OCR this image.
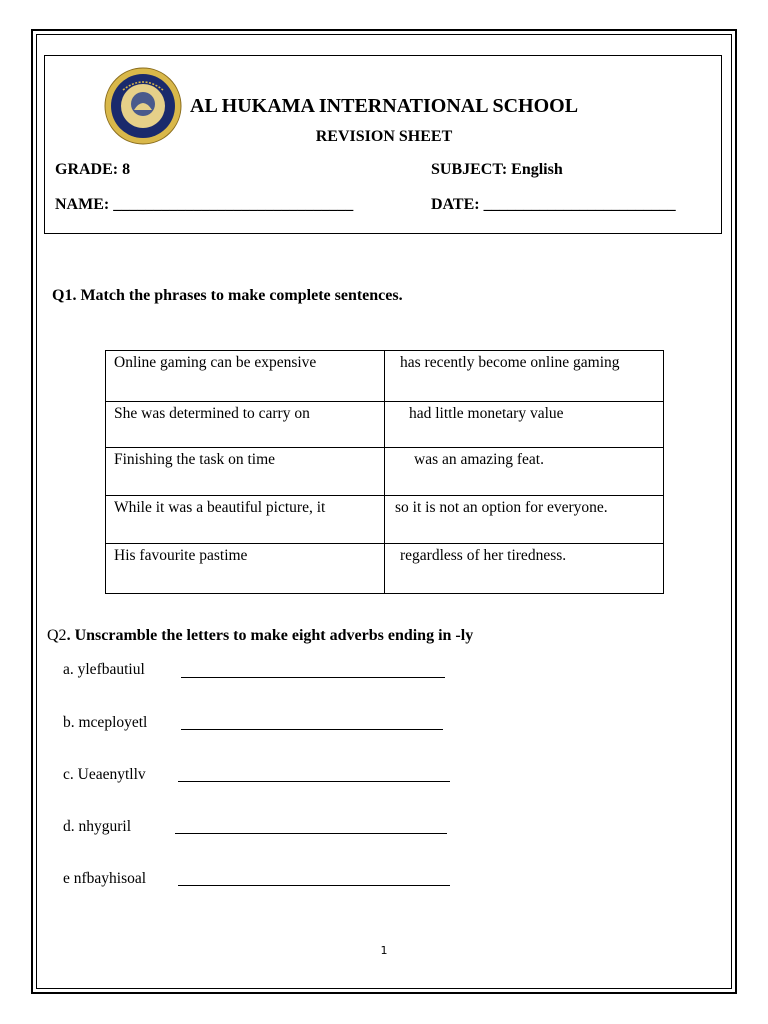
2002
AL HUKAMA INTERNATIONAL SCHOOL
REVISION SHEET
GRADE: 8	SUBJECT: English
NAME: ______________________________	DATE: ________________________
Q1. Match the phrases to make complete sentences.
Online gaming can be expensive	has recently become online gaming
She was determined to carry on	had little monetary value
Finishing the task on time	was an amazing feat.
While it was a beautiful picture, it	so it is not an option for everyone.
His favourite pastime	regardless of her tiredness.
Q2. Unscramble the letters to make eight adverbs ending in -ly
a. ylefbautiul
b. mceployetl
c. Ueaenytllv
d. nhyguril
e nfbayhisoal
1
